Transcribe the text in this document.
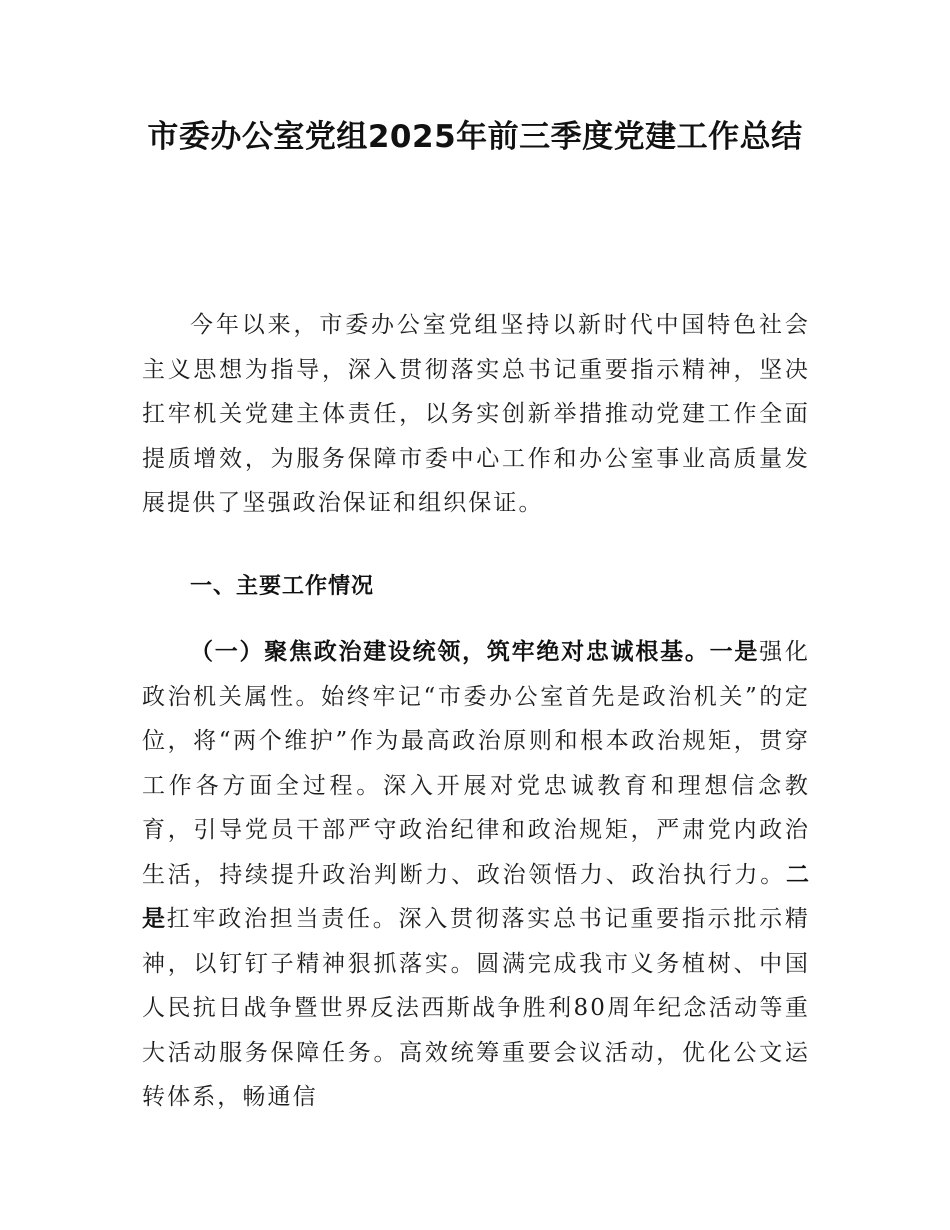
市委办公室党组2025年前三季度党建工作总结

今年以来，市委办公室党组坚持以新时代中国特色社会主义思想为指导，深入贯彻落实总书记重要指示精神，坚决扛牢机关党建主体责任，以务实创新举措推动党建工作全面提质增效，为服务保障市委中心工作和办公室事业高质量发展提供了坚强政治保证和组织保证。

一、主要工作情况

（一）聚焦政治建设统领，筑牢绝对忠诚根基。一是强化政治机关属性。始终牢记“市委办公室首先是政治机关”的定位，将“两个维护”作为最高政治原则和根本政治规矩，贯穿工作各方面全过程。深入开展对党忠诚教育和理想信念教育，引导党员干部严守政治纪律和政治规矩，严肃党内政治生活，持续提升政治判断力、政治领悟力、政治执行力。二是扛牢政治担当责任。深入贯彻落实总书记重要指示批示精神，以钉钉子精神狠抓落实。圆满完成我市义务植树、中国人民抗日战争暨世界反法西斯战争胜利80周年纪念活动等重大活动服务保障任务。高效统筹重要会议活动，优化公文运转体系，畅通信
